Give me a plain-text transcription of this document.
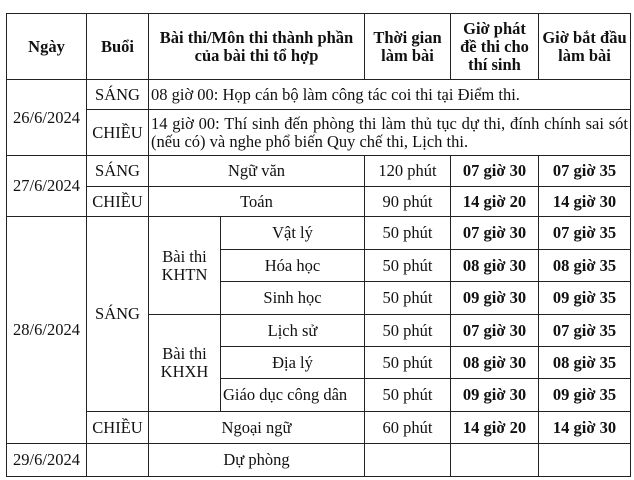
Ngày	Buổi	Bài thi/Môn thi thành phần của bài thi tổ hợp		Thời gian làm bài	Giờ phát đề thi cho thí sinh	Giờ bắt đầu làm bài
26/6/2024	SÁNG	08 giờ 00: Họp cán bộ làm công tác coi thi tại Điểm thi.				
	CHIỀU	14 giờ 00: Thí sinh đến phòng thi làm thủ tục dự thi, đính chính sai sót (nếu có) và nghe phổ biến Quy chế thi, Lịch thi.				
27/6/2024	SÁNG	Ngữ văn		120 phút	07 giờ 30	07 giờ 35
	CHIỀU	Toán		90 phút	14 giờ 20	14 giờ 30
28/6/2024	SÁNG	Bài thi KHTN	Vật lý	50 phút	07 giờ 30	07 giờ 35
			Hóa học	50 phút	08 giờ 30	08 giờ 35
			Sinh học	50 phút	09 giờ 30	09 giờ 35
		Bài thi KHXH	Lịch sử	50 phút	07 giờ 30	07 giờ 35
			Địa lý	50 phút	08 giờ 30	08 giờ 35
			Giáo dục công dân	50 phút	09 giờ 30	09 giờ 35
	CHIỀU	Ngoại ngữ		60 phút	14 giờ 20	14 giờ 30
29/6/2024		Dự phòng				
